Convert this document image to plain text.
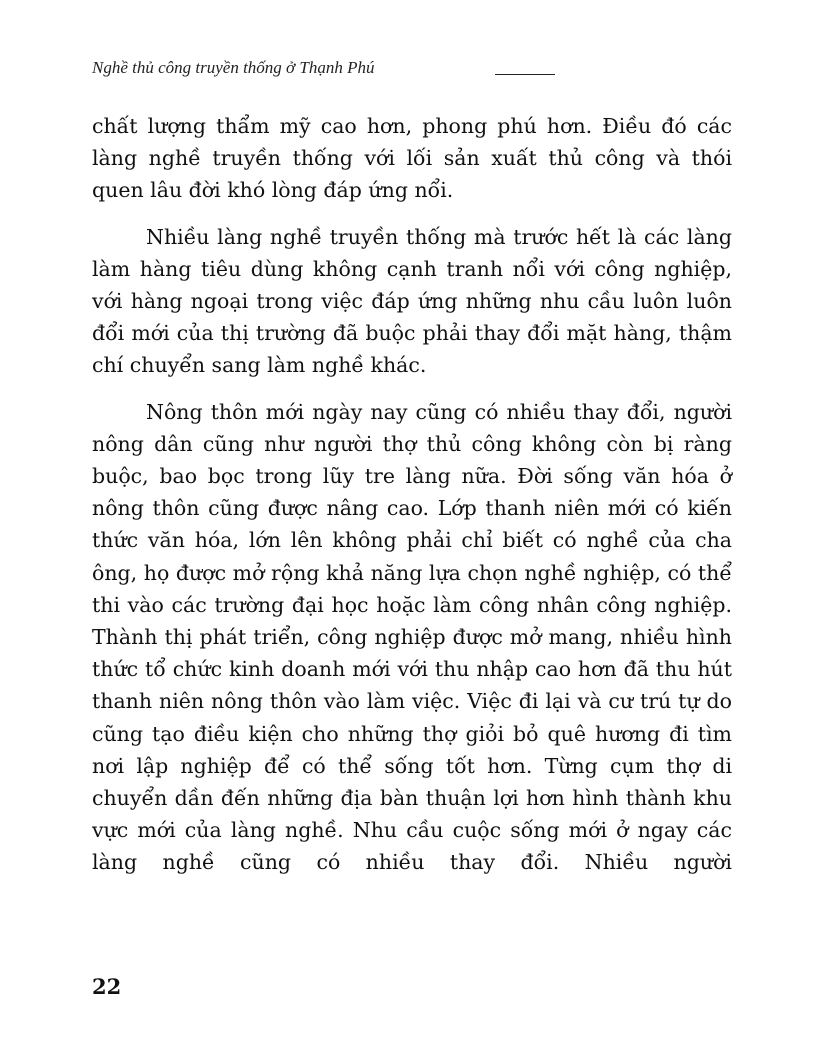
Nghề thủ công truyền thống ở Thạnh Phú

chất lượng thẩm mỹ cao hơn, phong phú hơn. Điều đó các làng nghề truyền thống với lối sản xuất thủ công và thói quen lâu đời khó lòng đáp ứng nổi.

Nhiều làng nghề truyền thống mà trước hết là các làng làm hàng tiêu dùng không cạnh tranh nổi với công nghiệp, với hàng ngoại trong việc đáp ứng những nhu cầu luôn luôn đổi mới của thị trường đã buộc phải thay đổi mặt hàng, thậm chí chuyển sang làm nghề khác.

Nông thôn mới ngày nay cũng có nhiều thay đổi, người nông dân cũng như người thợ thủ công không còn bị ràng buộc, bao bọc trong lũy tre làng nữa. Đời sống văn hóa ở nông thôn cũng được nâng cao. Lớp thanh niên mới có kiến thức văn hóa, lớn lên không phải chỉ biết có nghề của cha ông, họ được mở rộng khả năng lựa chọn nghề nghiệp, có thể thi vào các trường đại học hoặc làm công nhân công nghiệp. Thành thị phát triển, công nghiệp được mở mang, nhiều hình thức tổ chức kinh doanh mới với thu nhập cao hơn đã thu hút thanh niên nông thôn vào làm việc. Việc đi lại và cư trú tự do cũng tạo điều kiện cho những thợ giỏi bỏ quê hương đi tìm nơi lập nghiệp để có thể sống tốt hơn. Từng cụm thợ di chuyển dần đến những địa bàn thuận lợi hơn hình thành khu vực mới của làng nghề. Nhu cầu cuộc sống mới ở ngay các làng nghề cũng có nhiều thay đổi. Nhiều người

22
